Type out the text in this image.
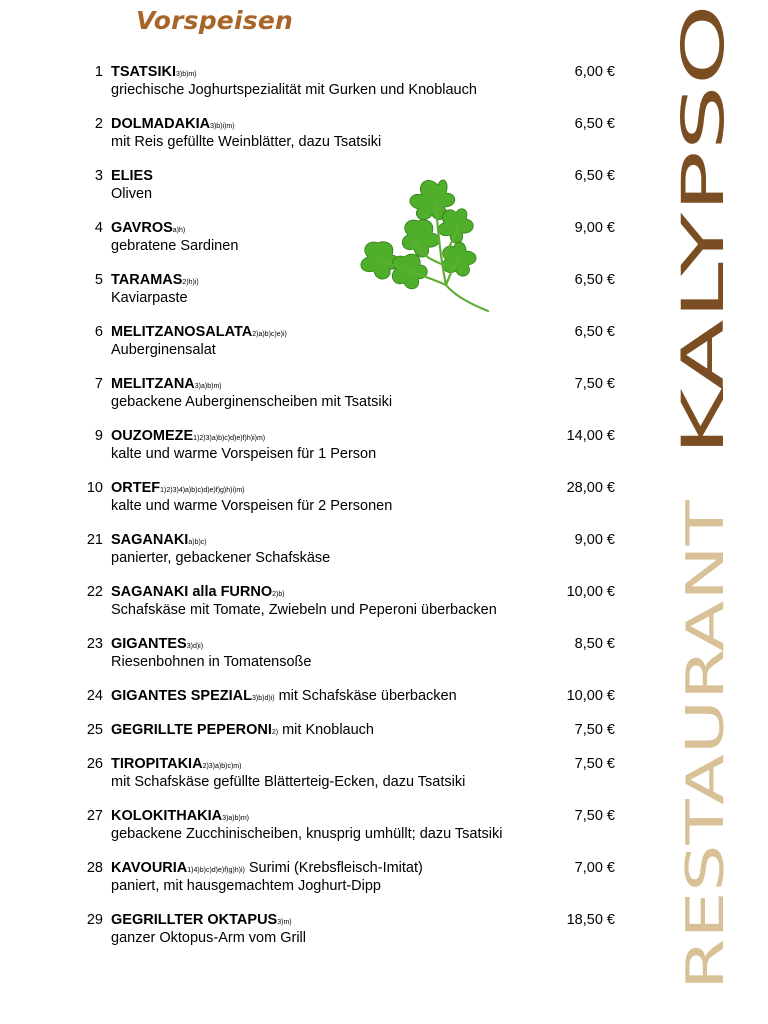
Vorspeisen
1 TSATSIKI3)b)m)
griechische Joghurtspezialität mit Gurken und Knoblauch
6,00 €
2 DOLMADAKIA3)b)i)m)
mit Reis gefüllte Weinblätter, dazu Tsatsiki
6,50 €
3 ELIES
Oliven
6,50 €
4 GAVROSa)h)
gebratene Sardinen
9,00 €
5 TARAMAS2)h)i)
Kaviarpaste
6,50 €
6 MELITZANOSALATA2)a)b)c)e)i)
Auberginensalat
6,50 €
7 MELITZANA3)a)b)m)
gebackene Auberginenscheiben mit Tsatsiki
7,50 €
9 OUZOMEZE1)2)3)a)b)c)d)e)f)h)i)m)
kalte und warme Vorspeisen für 1 Person
14,00 €
10 ORTEF1)2)3)4)a)b)c)d)e)f)g)h)i)m)
kalte und warme Vorspeisen für 2 Personen
28,00 €
21 SAGANAKIa)b)c)
panierter, gebackener Schafskäse
9,00 €
22 SAGANAKI alla FURNO2)b)
Schafskäse mit Tomate, Zwiebeln und Peperoni überbacken
10,00 €
23 GIGANTES3)d)i)
Riesenbohnen in Tomatensoße
8,50 €
24 GIGANTES SPEZIAL3)b)d)i) mit Schafskäse überbacken	10,00 €
25 GEGRILLTE PEPERONI2) mit Knoblauch	7,50 €
26 TIROPITAKIA2)3)a)b)c)m)
mit Schafskäse gefüllte Blätterteig-Ecken, dazu Tsatsiki
7,50 €
27 KOLOKITHAKIA3)a)b)m)
gebackene Zucchinischeiben, knusprig umhüllt; dazu Tsatsiki
7,50 €
28 KAVOURIA1)4)b)c)d)e)f)g)h)i) Surimi (Krebsfleisch-Imitat)
paniert, mit hausgemachtem Joghurt-Dipp
7,00 €
29 GEGRILLTER OKTAPUS3)m)
ganzer Oktopus-Arm vom Grill
18,50 €
KALYPSO
RESTAURANT
